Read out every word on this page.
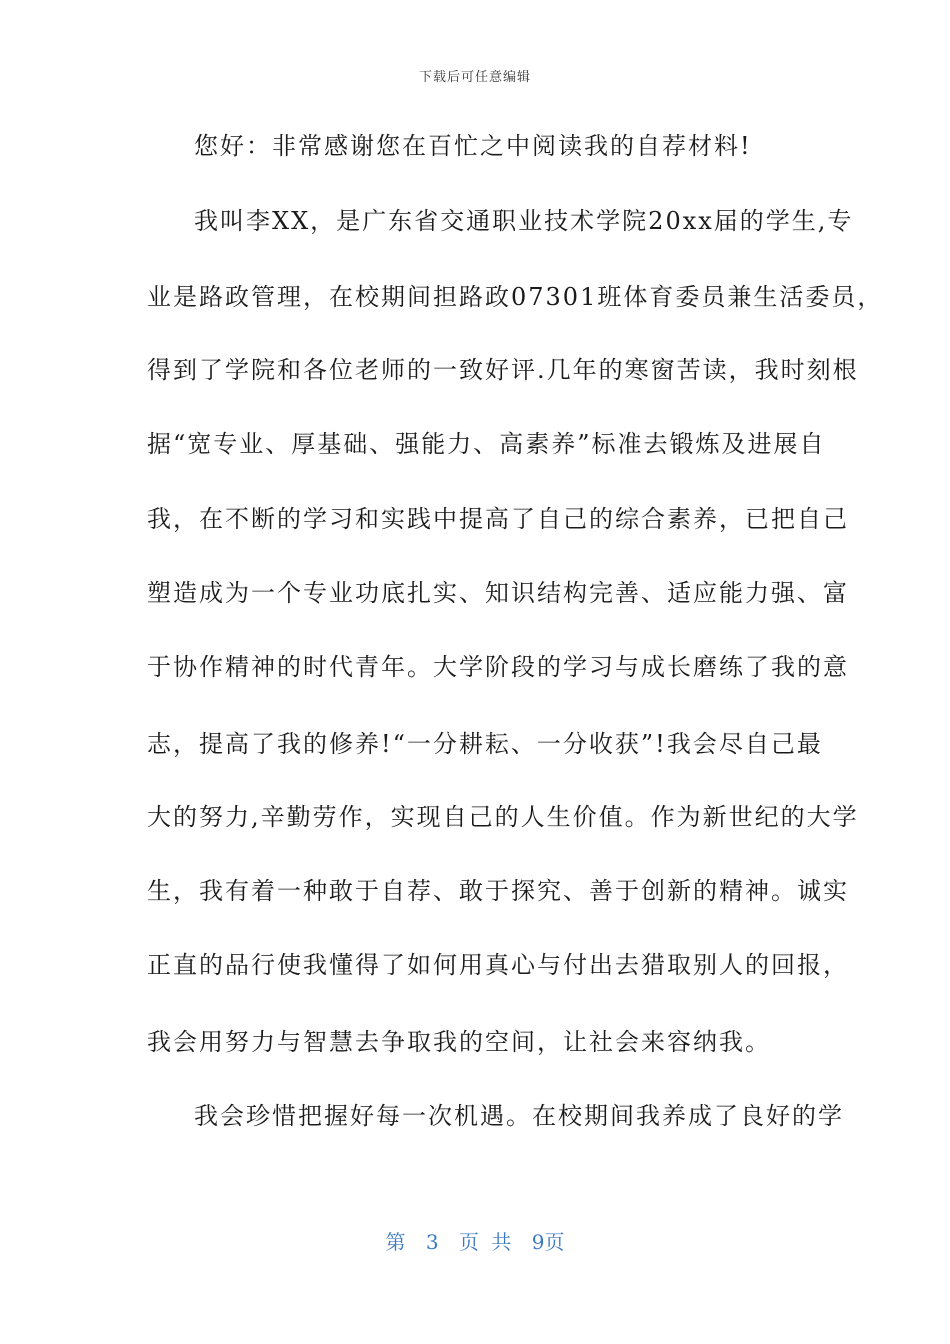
下载后可任意编辑
您好：非常感谢您在百忙之中阅读我的自荐材料!
我叫李XX，是广东省交通职业技术学院20xx届的学生,专
业是路政管理，在校期间担路政07301班体育委员兼生活委员，
得到了学院和各位老师的一致好评.几年的寒窗苦读，我时刻根
据“宽专业、厚基础、强能力、高素养”标准去锻炼及进展自
我，在不断的学习和实践中提高了自己的综合素养，已把自己
塑造成为一个专业功底扎实、知识结构完善、适应能力强、富
于协作精神的时代青年。大学阶段的学习与成长磨练了我的意
志，提高了我的修养!“一分耕耘、一分收获”!我会尽自己最
大的努力,辛勤劳作，实现自己的人生价值。作为新世纪的大学
生，我有着一种敢于自荐、敢于探究、善于创新的精神。诚实
正直的品行使我懂得了如何用真心与付出去猎取别人的回报，
我会用努力与智慧去争取我的空间，让社会来容纳我。
我会珍惜把握好每一次机遇。在校期间我养成了良好的学
第 3 页 共 9页
